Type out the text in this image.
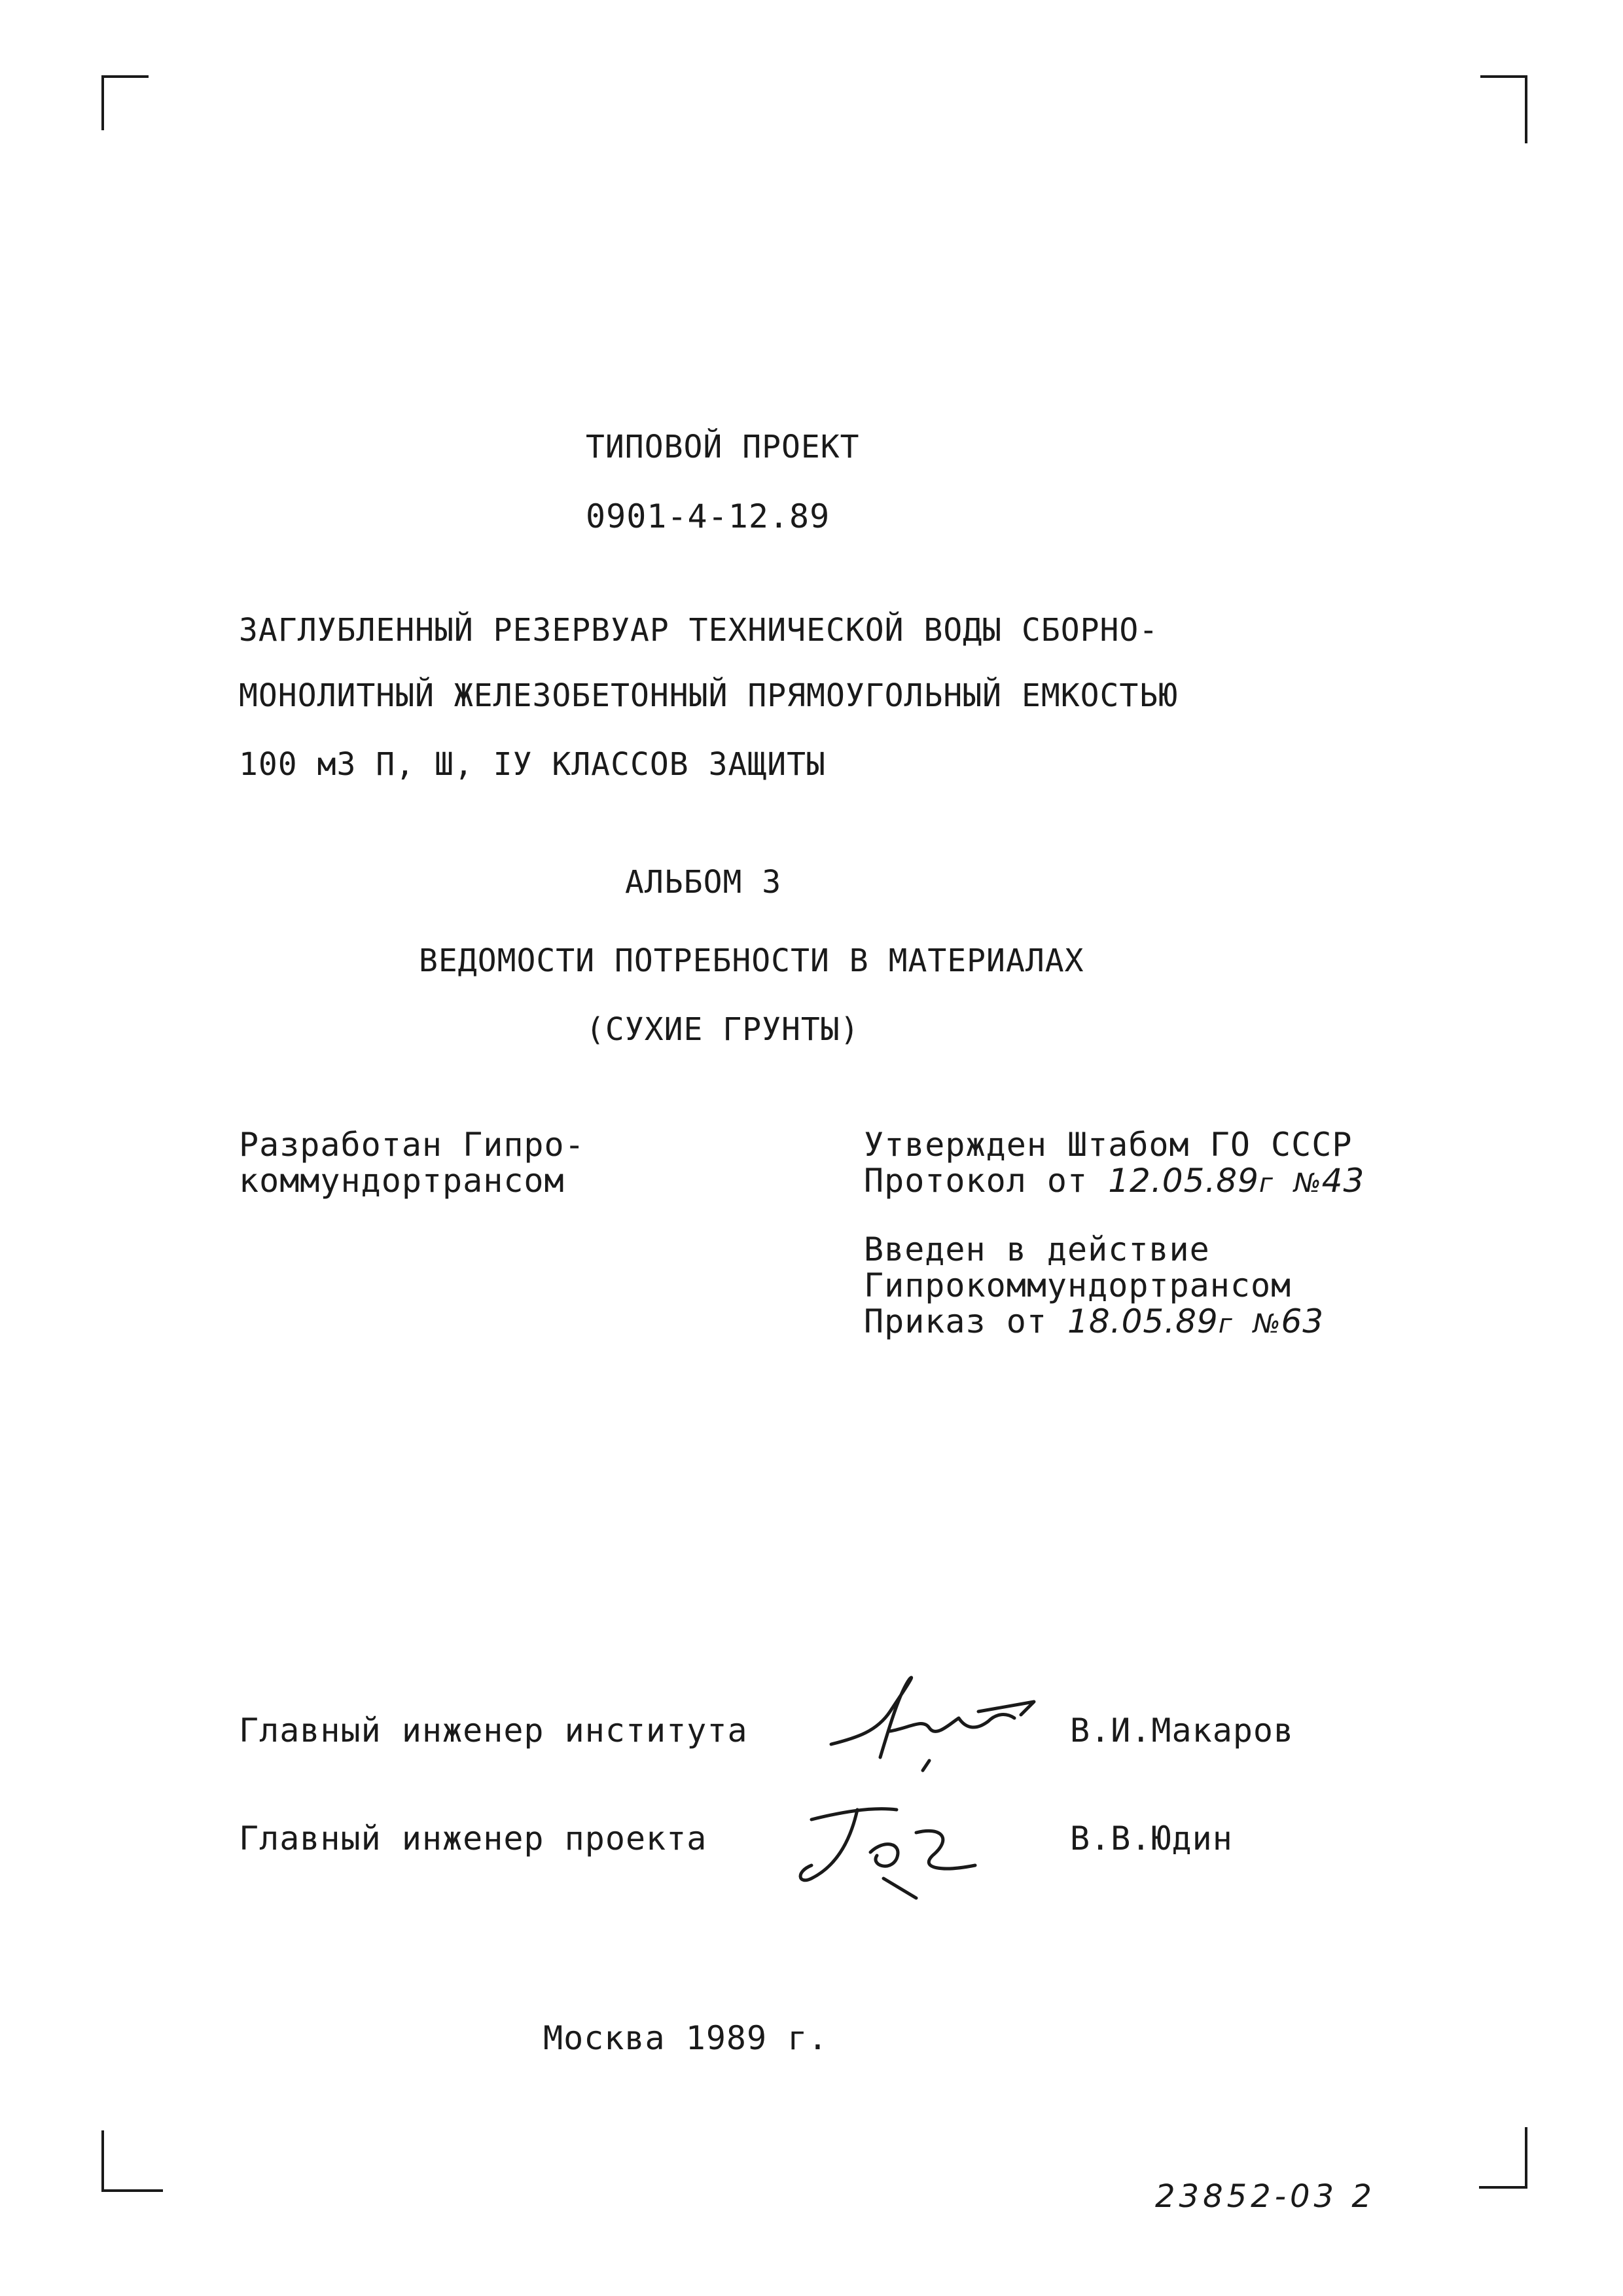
ТИПОВОЙ ПРОЕКТ
0901-4-12.89
ЗАГЛУБЛЕННЫЙ РЕЗЕРВУАР ТЕХНИЧЕСКОЙ ВОДЫ СБОРНО-
МОНОЛИТНЫЙ ЖЕЛЕЗОБЕТОННЫЙ ПРЯМОУГОЛЬНЫЙ ЕМКОСТЬЮ
100 м3 П, Ш, IУ КЛАССОВ ЗАЩИТЫ
АЛЬБОМ 3
ВЕДОМОСТИ ПОТРЕБНОСТИ В МАТЕРИАЛАХ
(СУХИЕ ГРУНТЫ)
Разработан Гипро-
коммундортрансом
Утвержден Штабом ГО СССР
Протокол от 12.05.89г №43
Введен в действие
Гипрокоммундортрансом
Приказ от 18.05.89г №63
Главный инженер института	В.И.Макаров
Главный инженер проекта	В.В.Юдин
Москва 1989 г.
23852-03 2
